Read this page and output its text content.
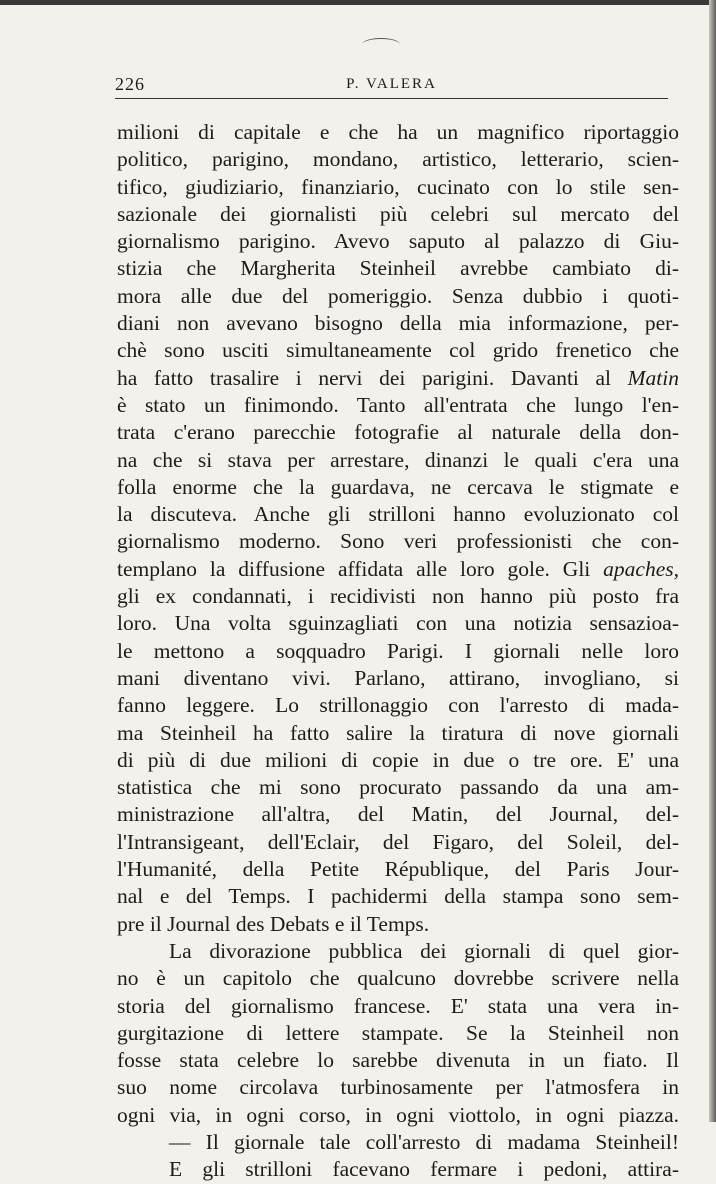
226	P. VALERA
milioni di capitale e che ha un magnifico riportaggio
politico, parigino, mondano, artistico, letterario, scien-
tifico, giudiziario, finanziario, cucinato con lo stile sen-
sazionale dei giornalisti più celebri sul mercato del
giornalismo parigino. Avevo saputo al palazzo di Giu-
stizia che Margherita Steinheil avrebbe cambiato di-
mora alle due del pomeriggio. Senza dubbio i quoti-
diani non avevano bisogno della mia informazione, per-
chè sono usciti simultaneamente col grido frenetico che
ha fatto trasalire i nervi dei parigini. Davanti al Matin
è stato un finimondo. Tanto all'entrata che lungo l'en-
trata c'erano parecchie fotografie al naturale della don-
na che si stava per arrestare, dinanzi le quali c'era una
folla enorme che la guardava, ne cercava le stigmate e
la discuteva. Anche gli strilloni hanno evoluzionato col
giornalismo moderno. Sono veri professionisti che con-
templano la diffusione affidata alle loro gole. Gli apaches,
gli ex condannati, i recidivisti non hanno più posto fra
loro. Una volta sguinzagliati con una notizia sensazioa-
le mettono a soqquadro Parigi. I giornali nelle loro
mani diventano vivi. Parlano, attirano, invogliano, si
fanno leggere. Lo strillonaggio con l'arresto di mada-
ma Steinheil ha fatto salire la tiratura di nove giornali
di più di due milioni di copie in due o tre ore. E' una
statistica che mi sono procurato passando da una am-
ministrazione all'altra, del Matin, del Journal, del-
l'Intransigeant, dell'Eclair, del Figaro, del Soleil, del-
l'Humanité, della Petite République, del Paris Jour-
nal e del Temps. I pachidermi della stampa sono sem-
pre il Journal des Debats e il Temps.
La divorazione pubblica dei giornali di quel gior-
no è un capitolo che qualcuno dovrebbe scrivere nella
storia del giornalismo francese. E' stata una vera in-
gurgitazione di lettere stampate. Se la Steinheil non
fosse stata celebre lo sarebbe divenuta in un fiato. Il
suo nome circolava turbinosamente per l'atmosfera in
ogni via, in ogni corso, in ogni viottolo, in ogni piazza.
— Il giornale tale coll'arresto di madama Steinheil!
E gli strilloni facevano fermare i pedoni, attira-
